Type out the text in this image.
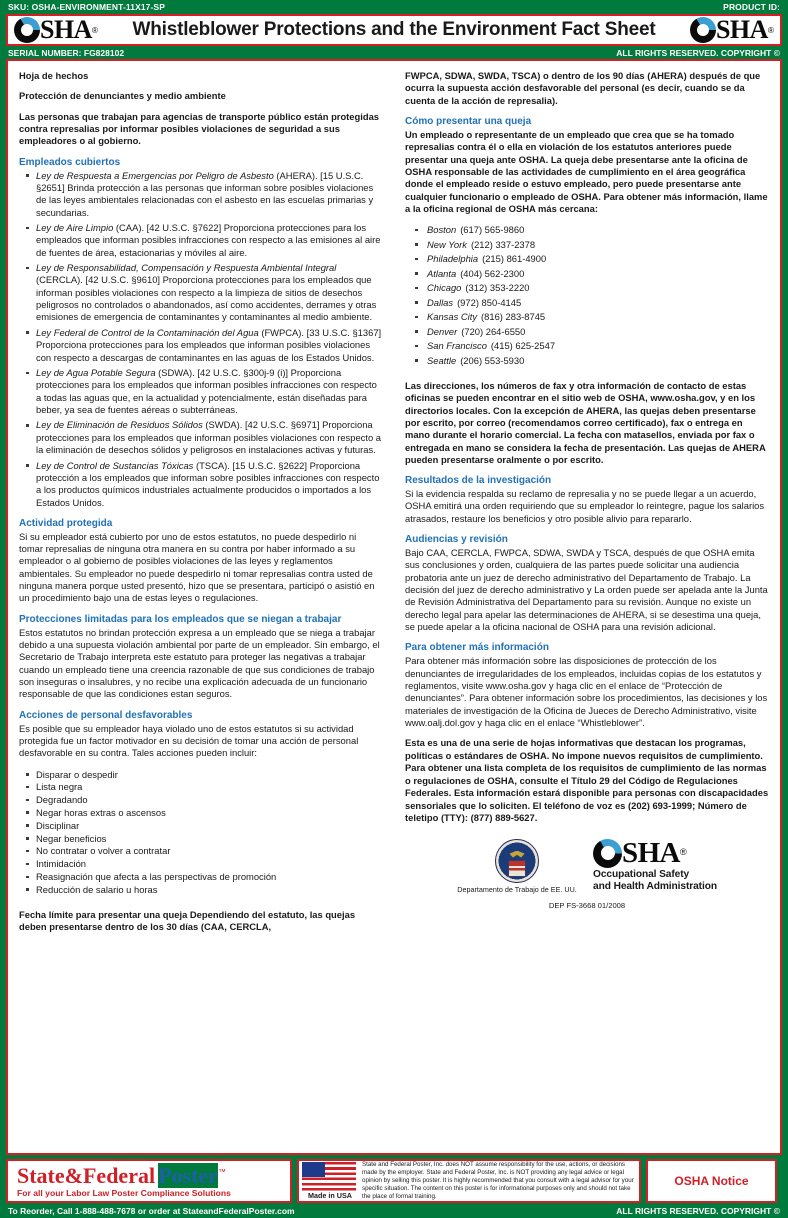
SKU: OSHA-ENVIRONMENT-11X17-SP	PRODUCT ID:
SHA ®	Whistleblower Protections and the Environment Fact Sheet	SHA ®
SERIAL NUMBER: FG828102	ALL RIGHTS RESERVED. COPYRIGHT ©

Hoja de hechos

Protección de denunciantes y medio ambiente

Las personas que trabajan para agencias de transporte público están protegidas contra represalias por informar posibles violaciones de seguridad a sus empleadores o al gobierno.

Empleados cubiertos
Ley de Respuesta a Emergencias por Peligro de Asbesto (AHERA). [15 U.S.C. §2651] Brinda protección a las personas que informan sobre posibles violaciones de las leyes ambientales relacionadas con el asbesto en las escuelas primarias y secundarias.
Ley de Aire Limpio (CAA). [42 U.S.C. §7622] Proporciona protecciones para los empleados que informan posibles infracciones con respecto a las emisiones al aire de fuentes de área, estacionarias y móviles al aire.
Ley de Responsabilidad, Compensación y Respuesta Ambiental Integral (CERCLA). [42 U.S.C. §9610] Proporciona protecciones para los empleados que informan posibles violaciones con respecto a la limpieza de sitios de desechos peligrosos no controlados o abandonados, así como accidentes, derrames y otras emisiones de emergencia de contaminantes y contaminantes al medio ambiente.
Ley Federal de Control de la Contaminación del Agua (FWPCA). [33 U.S.C. §1367] Proporciona protecciones para los empleados que informan posibles violaciones con respecto a descargas de contaminantes en las aguas de los Estados Unidos.
Ley de Agua Potable Segura (SDWA). [42 U.S.C. §300j-9 (i)] Proporciona protecciones para los empleados que informan posibles infracciones con respecto a todas las aguas que, en la actualidad y potencialmente, están diseñadas para beber, ya sea de fuentes aéreas o subterráneas.
Ley de Eliminación de Residuos Sólidos (SWDA). [42 U.S.C. §6971] Proporciona protecciones para los empleados que informan posibles violaciones con respecto a la eliminación de desechos sólidos y peligrosos en instalaciones activas y futuras.
Ley de Control de Sustancias Tóxicas (TSCA). [15 U.S.C. §2622] Proporciona protección a los empleados que informan sobre posibles infracciones con respecto a los productos químicos industriales actualmente producidos o importados a los Estados Unidos.
Actividad protegida

Si su empleador está cubierto por uno de estos estatutos, no puede despedirlo ni tomar represalias de ninguna otra manera en su contra por haber informado a su empleador o al gobierno de posibles violaciones de las leyes y reglamentos ambientales. Su empleador no puede despedirlo ni tomar represalias contra usted de ninguna manera porque usted presentó, hizo que se presentara, participó o asistió en un procedimiento bajo una de estas leyes o regulaciones.

Protecciones limitadas para los empleados que se niegan a trabajar

Estos estatutos no brindan protección expresa a un empleado que se niega a trabajar debido a una supuesta violación ambiental por parte de un empleador. Sin embargo, el Secretario de Trabajo interpreta este estatuto para proteger las negativas a trabajar cuando un empleado tiene una creencia razonable de que sus condiciones de trabajo son inseguras o insalubres, y no recibe una explicación adecuada de un funcionario responsable de que las condiciones estan seguros.

Acciones de personal desfavorables

Es posible que su empleador haya violado uno de estos estatutos si su actividad protegida fue un factor motivador en su decisión de tomar una acción de personal desfavorable en su contra. Tales acciones pueden incluir:

Disparar o despedir
Lista negra
Degradando
Negar horas extras o ascensos
Disciplinar
Negar beneficios
No contratar o volver a contratar
Intimidación
Reasignación que afecta a las perspectivas de promoción
Reducción de salario u horas

Fecha límite para presentar una queja Dependiendo del estatuto, las quejas deben presentarse dentro de los 30 días (CAA, CERCLA,

FWPCA, SDWA, SWDA, TSCA) o dentro de los 90 días (AHERA) después de que ocurra la supuesta acción desfavorable del personal (es decir, cuando se da cuenta de la acción de represalia).

Cómo presentar una queja

Un empleado o representante de un empleado que crea que se ha tomado represalias contra él o ella en violación de los estatutos anteriores puede presentar una queja ante OSHA. La queja debe presentarse ante la oficina de OSHA responsable de las actividades de cumplimiento en el área geográfica donde el empleado reside o estuvo empleado, pero puede presentarse ante cualquier funcionario o empleado de OSHA. Para obtener más información, llame a la oficina regional de OSHA más cercana:

Boston (617) 565-9860
New York (212) 337-2378
Philadelphia (215) 861-4900
Atlanta (404) 562-2300
Chicago (312) 353-2220
Dallas (972) 850-4145
Kansas City (816) 283-8745
Denver (720) 264-6550
San Francisco (415) 625-2547
Seattle (206) 553-5930

Las direcciones, los números de fax y otra información de contacto de estas oficinas se pueden encontrar en el sitio web de OSHA, www.osha.gov, y en los directorios locales. Con la excepción de AHERA, las quejas deben presentarse por escrito, por correo (recomendamos correo certificado), fax o entrega en mano durante el horario comercial. La fecha con matasellos, enviada por fax o entregada en mano se considera la fecha de presentación. Las quejas de AHERA pueden presentarse oralmente o por escrito.

Resultados de la investigación

Si la evidencia respalda su reclamo de represalia y no se puede llegar a un acuerdo, OSHA emitirá una orden requiriendo que su empleador lo reintegre, pague los salarios atrasados, restaure los beneficios y otro posible alivio para repararlo.

Audiencias y revisión

Bajo CAA, CERCLA, FWPCA, SDWA, SWDA y TSCA, después de que OSHA emita sus conclusiones y orden, cualquiera de las partes puede solicitar una audiencia probatoria ante un juez de derecho administrativo del Departamento de Trabajo. La decisión del juez de derecho administrativo y La orden puede ser apelada ante la Junta de Revisión Administrativa del Departamento para su revisión. Aunque no existe un derecho legal para apelar las determinaciones de AHERA, si se desestima una queja, se puede apelar a la oficina nacional de OSHA para una revisión adicional.

Para obtener más información

Para obtener más información sobre las disposiciones de protección de los denunciantes de irregularidades de los empleados, incluidas copias de los estatutos y reglamentos, visite www.osha.gov y haga clic en el enlace de “Protección de denunciantes”. Para obtener información sobre los procedimientos, las decisiones y los materiales de investigación de la Oficina de Jueces de Derecho Administrativo, visite www.oalj.dol.gov y haga clic en el enlace “Whistleblower”.

Esta es una de una serie de hojas informativas que destacan los programas, políticas o estándares de OSHA. No impone nuevos requisitos de cumplimiento. Para obtener una lista completa de los requisitos de cumplimiento de las normas o regulaciones de OSHA, consulte el Título 29 del Código de Regulaciones Federales. Esta información estará disponible para personas con discapacidades sensoriales que lo soliciten. El teléfono de voz es (202) 693-1999; Número de teletipo (TTY): (877) 889-5627.

Departamento de Trabajo de EE. UU.
SHA ®
Occupational Safety
and Health Administration
DEP FS-3668 01/2008
State&Federal Poster™
For all your Labor Law Poster Compliance Solutions	Made in USA
State and Federal Poster, Inc. does NOT assume responsibility for the use, actions, or decisions made by the employer. State and Federal Poster, Inc. is NOT providing any legal advice or legal opinion by selling this poster. It is highly recommended that you consult with a legal advisor for your specific situation. The content on this poster is for informational purposes only and should not take the place of formal training.
OSHA Notice
To Reorder, Call 1-888-488-7678 or order at StateandFederalPoster.com	ALL RIGHTS RESERVED. COPYRIGHT ©
